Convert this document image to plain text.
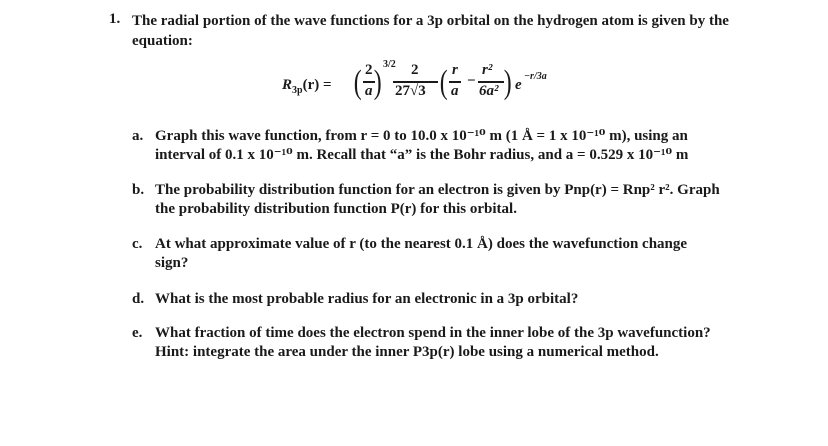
1. The radial portion of the wave functions for a 3p orbital on the hydrogen atom is given by the
equation:
$R_{3p}(r)$ = ( 2
a ) 3/2 2
27√3 ( r
a
−
r²
6a² ) e
−r/3a
a. Graph this wave function, from r = 0 to 10.0 x 10⁻¹⁰ m (1 Å = 1 x 10⁻¹⁰ m), using an
interval of 0.1 x 10⁻¹⁰ m. Recall that “a” is the Bohr radius, and a = 0.529 x 10⁻¹⁰ m
b. The probability distribution function for an electron is given by Pnp(r) = Rnp² r². Graph
the probability distribution function P(r) for this orbital.
c. At what approximate value of r (to the nearest 0.1 Å) does the wavefunction change
sign?
d. What is the most probable radius for an electronic in a 3p orbital?
e. What fraction of time does the electron spend in the inner lobe of the 3p wavefunction?
Hint: integrate the area under the inner P3p(r) lobe using a numerical method.
